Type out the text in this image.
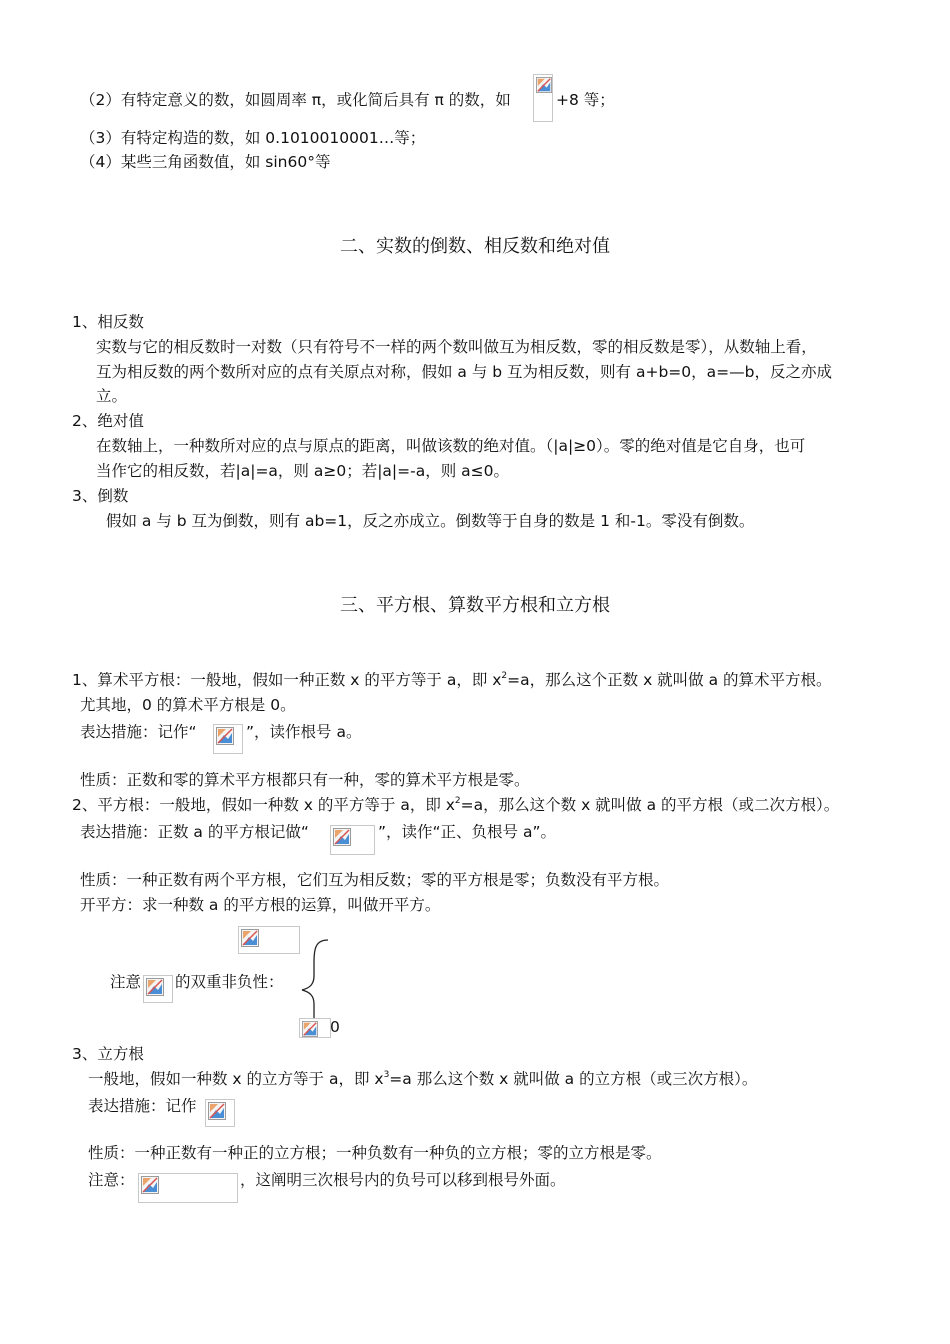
（2）有特定意义的数，如圆周率 π，或化简后具有 π 的数，如	+8 等；
（3）有特定构造的数，如 0.1010010001…等；
（4）某些三角函数值，如 sin60°等
二、实数的倒数、相反数和绝对值
1、相反数
实数与它的相反数时一对数（只有符号不一样的两个数叫做互为相反数，零的相反数是零），从数轴上看，
互为相反数的两个数所对应的点有关原点对称，假如 a 与 b 互为相反数，则有 a+b=0，a=—b，反之亦成
立。
2、绝对值
在数轴上，一种数所对应的点与原点的距离，叫做该数的绝对值。（|a|≥0）。零的绝对值是它自身，也可
当作它的相反数，若|a|=a，则 a≥0；若|a|=-a，则 a≤0。
3、倒数
假如 a 与 b 互为倒数，则有 ab=1，反之亦成立。倒数等于自身的数是 1 和-1。零没有倒数。
三、平方根、算数平方根和立方根
1、算术平方根：一般地，假如一种正数 x 的平方等于 a，即 $x^2=a$，那么这个正数 x 就叫做 a 的算术平方根。
尤其地，0 的算术平方根是 0。
表达措施：记作“	”，读作根号 a。
性质：正数和零的算术平方根都只有一种，零的算术平方根是零。
2、平方根：一般地，假如一种数 x 的平方等于 a，即 $x^2=a$，那么这个数 x 就叫做 a 的平方根（或二次方根）。
表达措施：正数 a 的平方根记做“	”，读作“正、负根号 a”。
性质：一种正数有两个平方根，它们互为相反数；零的平方根是零；负数没有平方根。
开平方：求一种数 a 的平方根的运算，叫做开平方。
注意 的双重非负性：
0
3、立方根
一般地，假如一种数 x 的立方等于 a，即 $x^3=a$ 那么这个数 x 就叫做 a 的立方根（或三次方根）。
表达措施：记作
性质：一种正数有一种正的立方根；一种负数有一种负的立方根；零的立方根是零。
注意：	，这阐明三次根号内的负号可以移到根号外面。
